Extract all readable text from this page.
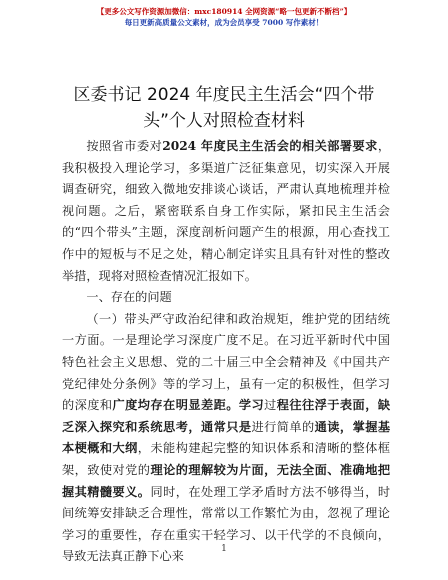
【更多公文写作资源加微信：mxc180914 全网资源“略一包更新不断档”】
每日更新高质量公文素材，成为会员享受 7000 写作素材！
区委书记 2024 年度民主生活会“四个带头”个人对照检查材料

按照省市委对2024 年度民主生活会的相关部署要求，我积极投入理论学习，多渠道广泛征集意见，切实深入开展调查研究，细致入微地安排谈心谈话，严肃认真地梳理并检视问题。之后，紧密联系自身工作实际，紧扣民主生活会的“四个带头”主题，深度剖析问题产生的根源，用心查找工作中的短板与不足之处，精心制定详实且具有针对性的整改举措，现将对照检查情况汇报如下。

一、存在的问题

（一）带头严守政治纪律和政治规矩，维护党的团结统一方面。一是理论学习深度广度不足。在习近平新时代中国特色社会主义思想、党的二十届三中全会精神及《中国共产党纪律处分条例》等的学习上，虽有一定的积极性，但学习的深度和广度均存在明显差距。学习过程往往浮于表面，缺乏深入探究和系统思考，通常只是进行简单的通读，掌握基本梗概和大纲，未能构建起完整的知识体系和清晰的整体框架，致使对党的理论的理解较为片面，无法全面、准确地把握其精髓要义。同时，在处理工学矛盾时方法不够得当，时间统筹安排缺乏合理性，常常以工作繁忙为由，忽视了理论学习的重要性，存在重实干轻学习、以干代学的不良倾向，导致无法真正静下心来

1
